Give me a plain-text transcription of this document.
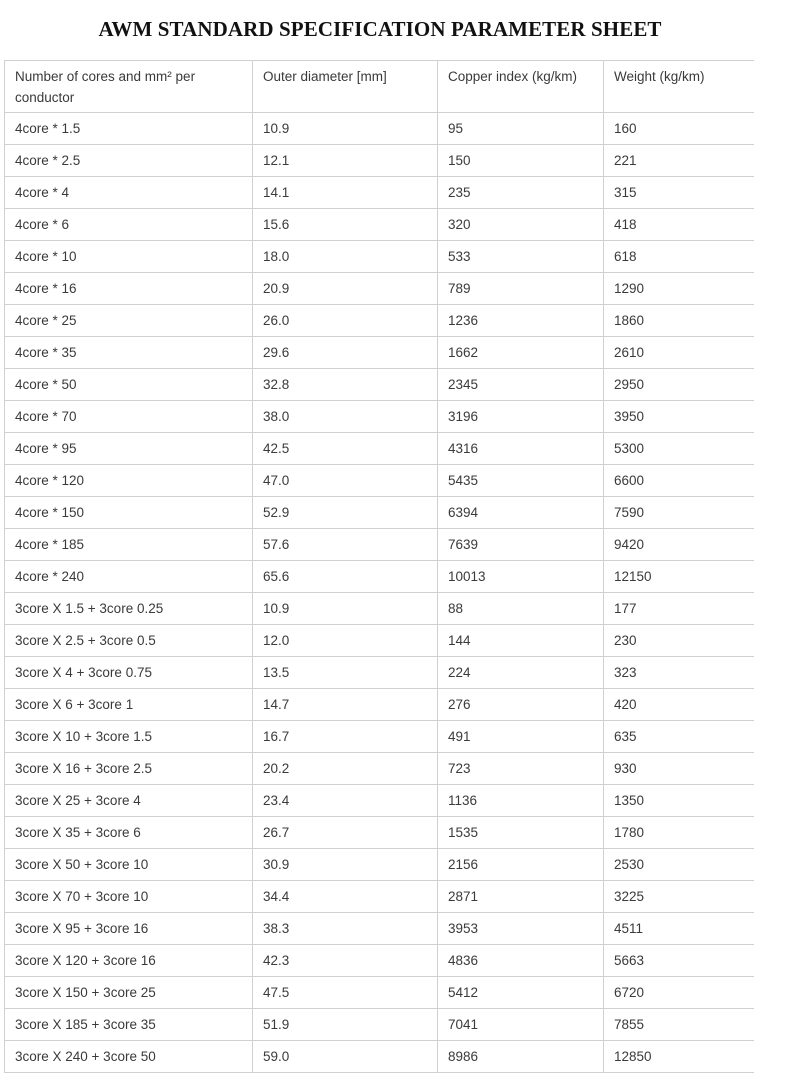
AWM STANDARD SPECIFICATION PARAMETER SHEET
Number of cores and mm² per conductor	Outer diameter [mm]	Copper index (kg/km)	Weight (kg/km)
4core * 1.5	10.9	95	160
4core * 2.5	12.1	150	221
4core * 4	14.1	235	315
4core * 6	15.6	320	418
4core * 10	18.0	533	618
4core * 16	20.9	789	1290
4core * 25	26.0	1236	1860
4core * 35	29.6	1662	2610
4core * 50	32.8	2345	2950
4core * 70	38.0	3196	3950
4core * 95	42.5	4316	5300
4core * 120	47.0	5435	6600
4core * 150	52.9	6394	7590
4core * 185	57.6	7639	9420
4core * 240	65.6	10013	12150
3core X 1.5 + 3core 0.25	10.9	88	177
3core X 2.5 + 3core 0.5	12.0	144	230
3core X 4 + 3core 0.75	13.5	224	323
3core X 6 + 3core 1	14.7	276	420
3core X 10 + 3core 1.5	16.7	491	635
3core X 16 + 3core 2.5	20.2	723	930
3core X 25 + 3core 4	23.4	1136	1350
3core X 35 + 3core 6	26.7	1535	1780
3core X 50 + 3core 10	30.9	2156	2530
3core X 70 + 3core 10	34.4	2871	3225
3core X 95 + 3core 16	38.3	3953	4511
3core X 120 + 3core 16	42.3	4836	5663
3core X 150 + 3core 25	47.5	5412	6720
3core X 185 + 3core 35	51.9	7041	7855
3core X 240 + 3core 50	59.0	8986	12850
